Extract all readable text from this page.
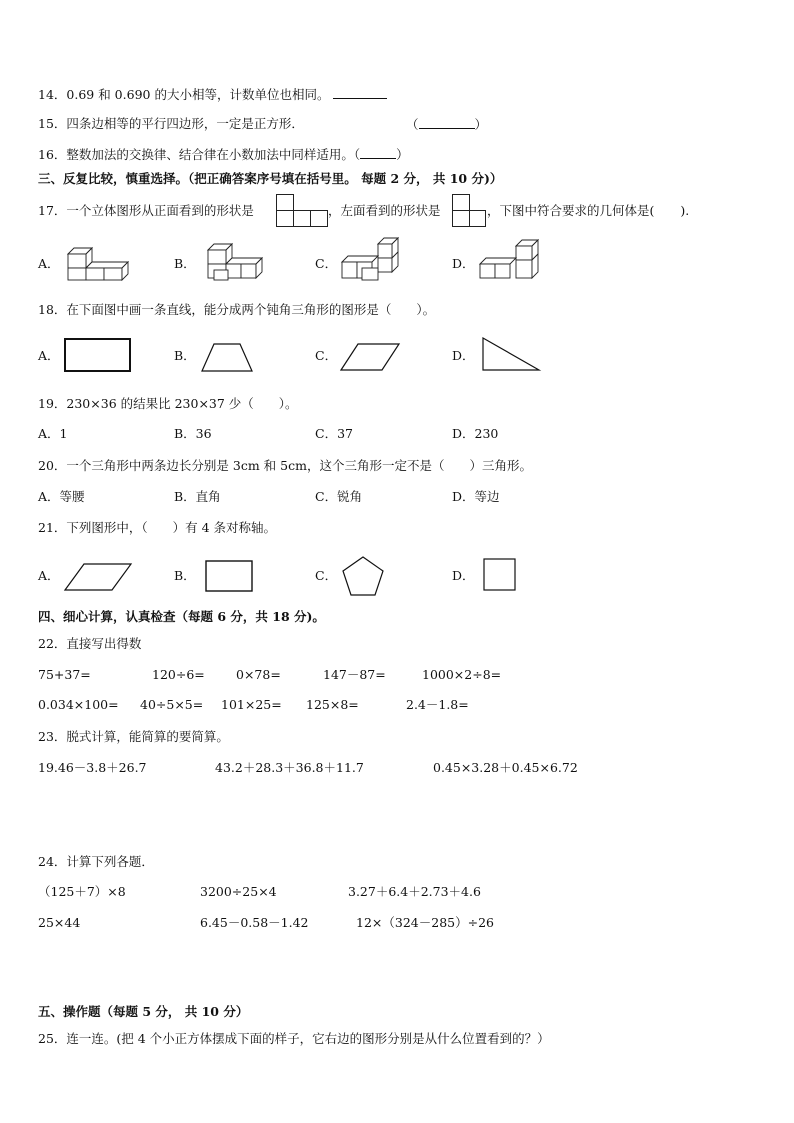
14．0.69 和 0.690 的大小相等，计数单位也相同。
15．四条边相等的平行四边形，一定是正方形．	（	）
16．整数加法的交换律、结合律在小数加法中同样适用。（	）
三、反复比较，慎重选择。（把正确答案序号填在括号里。 每题 2 分， 共 10 分)）
17．一个立体图形从正面看到的形状是	，左面看到的形状是	，下图中符合要求的几何体是( ).
A．	B．	C．	D．
18．在下面图中画一条直线，能分成两个钝角三角形的图形是（　　）。
A．	B．	C．	D．
19．230×36 的结果比 230×37 少（　　）。
A．1	B．36	C．37	D．230
20．一个三角形中两条边长分别是 3cm 和 5cm，这个三角形一定不是（　　）三角形。
A．等腰	B．直角	C．锐角	D．等边
21．下列图形中，（　　）有 4 条对称轴。
A．	B．	C．	D．
四、细心计算，认真检查（每题 6 分，共 18 分)。
22．直接写出得数
75+37=	120÷6= 0×78=	147－87=	1000×2÷8=
0.034×100= 40÷5×5= 101×25= 125×8=	2.4－1.8=
23．脱式计算，能简算的要简算。
19.46－3.8＋26.7	43.2＋28.3＋36.8＋11.7	0.45×3.28＋0.45×6.72
24．计算下列各题．
（125＋7）×8	3200÷25×4	3.27＋6.4＋2.73＋4.6
25×44	6.45－0.58－1.42	12×（324－285）÷26
五、操作题（每题 5 分， 共 10 分）
25．连一连。(把 4 个小正方体摆成下面的样子，它右边的图形分别是从什么位置看到的？）
